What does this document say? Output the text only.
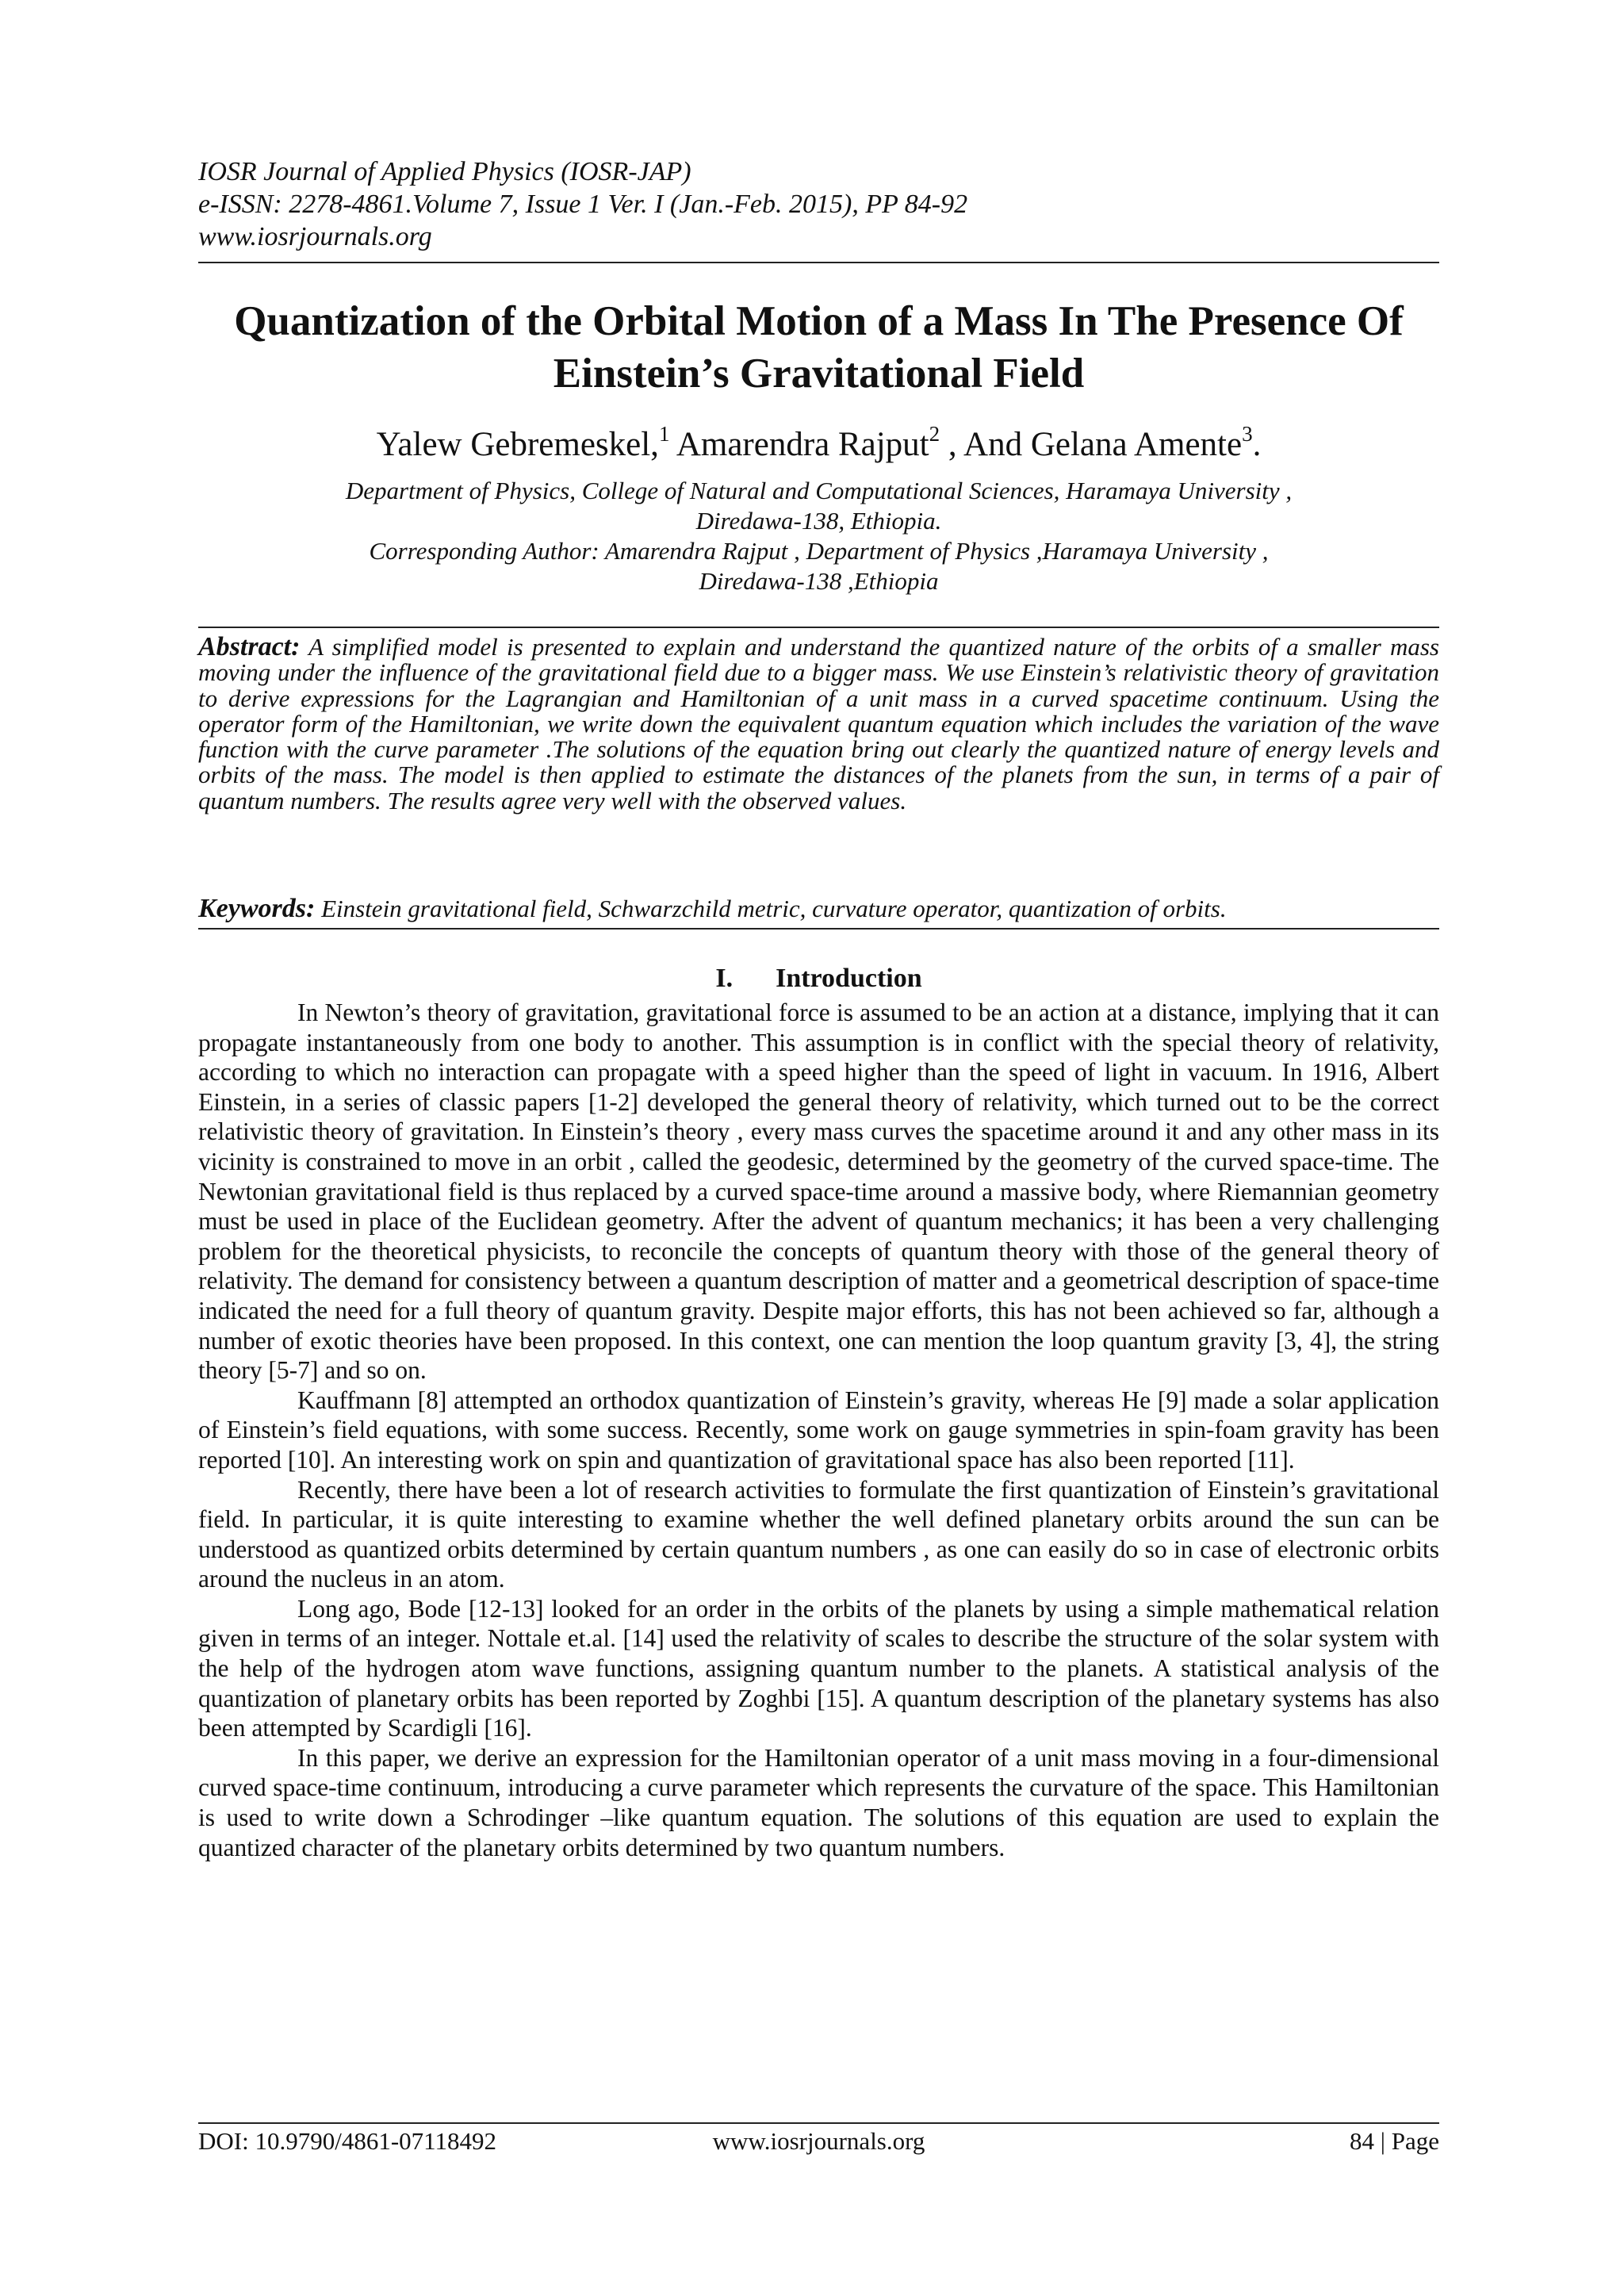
IOSR Journal of Applied Physics (IOSR-JAP)
e-ISSN: 2278-4861.Volume 7, Issue 1 Ver. I (Jan.-Feb. 2015), PP 84-92
www.iosrjournals.org
Quantization of the Orbital Motion of a Mass In The Presence Of
Einstein’s Gravitational Field
Yalew Gebremeskel,$^1$ Amarendra Rajput$^2$ , And Gelana Amente$^3$.
Department of Physics, College of Natural and Computational Sciences, Haramaya University ,
Diredawa-138, Ethiopia.
Corresponding Author: Amarendra Rajput , Department of Physics ,Haramaya University ,
Diredawa-138 ,Ethiopia
Abstract: A simplified model is presented to explain and understand the quantized nature of the orbits of a smaller mass moving under the influence of the gravitational field due to a bigger mass. We use Einstein’s relativistic theory of gravitation to derive expressions for the Lagrangian and Hamiltonian of a unit mass in a curved spacetime continuum. Using the operator form of the Hamiltonian, we write down the equivalent quantum equation which includes the variation of the wave function with the curve parameter .The solutions of the equation bring out clearly the quantized nature of energy levels and orbits of the mass. The model is then applied to estimate the distances of the planets from the sun, in terms of a pair of quantum numbers. The results agree very well with the observed values.
Keywords: Einstein gravitational field, Schwarzchild metric, curvature operator, quantization of orbits.
I. Introduction

In Newton’s theory of gravitation, gravitational force is assumed to be an action at a distance, implying that it can propagate instantaneously from one body to another. This assumption is in conflict with the special theory of relativity, according to which no interaction can propagate with a speed higher than the speed of light in vacuum. In 1916, Albert Einstein, in a series of classic papers [1-2] developed the general theory of relativity, which turned out to be the correct relativistic theory of gravitation. In Einstein’s theory , every mass curves the spacetime around it and any other mass in its vicinity is constrained to move in an orbit , called the geodesic, determined by the geometry of the curved space-time. The Newtonian gravitational field is thus replaced by a curved space-time around a massive body, where Riemannian geometry must be used in place of the Euclidean geometry. After the advent of quantum mechanics; it has been a very challenging problem for the theoretical physicists, to reconcile the concepts of quantum theory with those of the general theory of relativity. The demand for consistency between a quantum description of matter and a geometrical description of space-time indicated the need for a full theory of quantum gravity. Despite major efforts, this has not been achieved so far, although a number of exotic theories have been proposed. In this context, one can mention the loop quantum gravity [3, 4], the string theory [5-7] and so on.

Kauffmann [8] attempted an orthodox quantization of Einstein’s gravity, whereas He [9] made a solar application of Einstein’s field equations, with some success. Recently, some work on gauge symmetries in spin-foam gravity has been reported [10]. An interesting work on spin and quantization of gravitational space has also been reported [11].

Recently, there have been a lot of research activities to formulate the first quantization of Einstein’s gravitational field. In particular, it is quite interesting to examine whether the well defined planetary orbits around the sun can be understood as quantized orbits determined by certain quantum numbers , as one can easily do so in case of electronic orbits around the nucleus in an atom.

Long ago, Bode [12-13] looked for an order in the orbits of the planets by using a simple mathematical relation given in terms of an integer. Nottale et.al. [14] used the relativity of scales to describe the structure of the solar system with the help of the hydrogen atom wave functions, assigning quantum number to the planets. A statistical analysis of the quantization of planetary orbits has been reported by Zoghbi [15]. A quantum description of the planetary systems has also been attempted by Scardigli [16].

In this paper, we derive an expression for the Hamiltonian operator of a unit mass moving in a four-dimensional curved space-time continuum, introducing a curve parameter which represents the curvature of the space. This Hamiltonian is used to write down a Schrodinger –like quantum equation. The solutions of this equation are used to explain the quantized character of the planetary orbits determined by two quantum numbers.

DOI: 10.9790/4861-07118492	www.iosrjournals.org	84 | Page
